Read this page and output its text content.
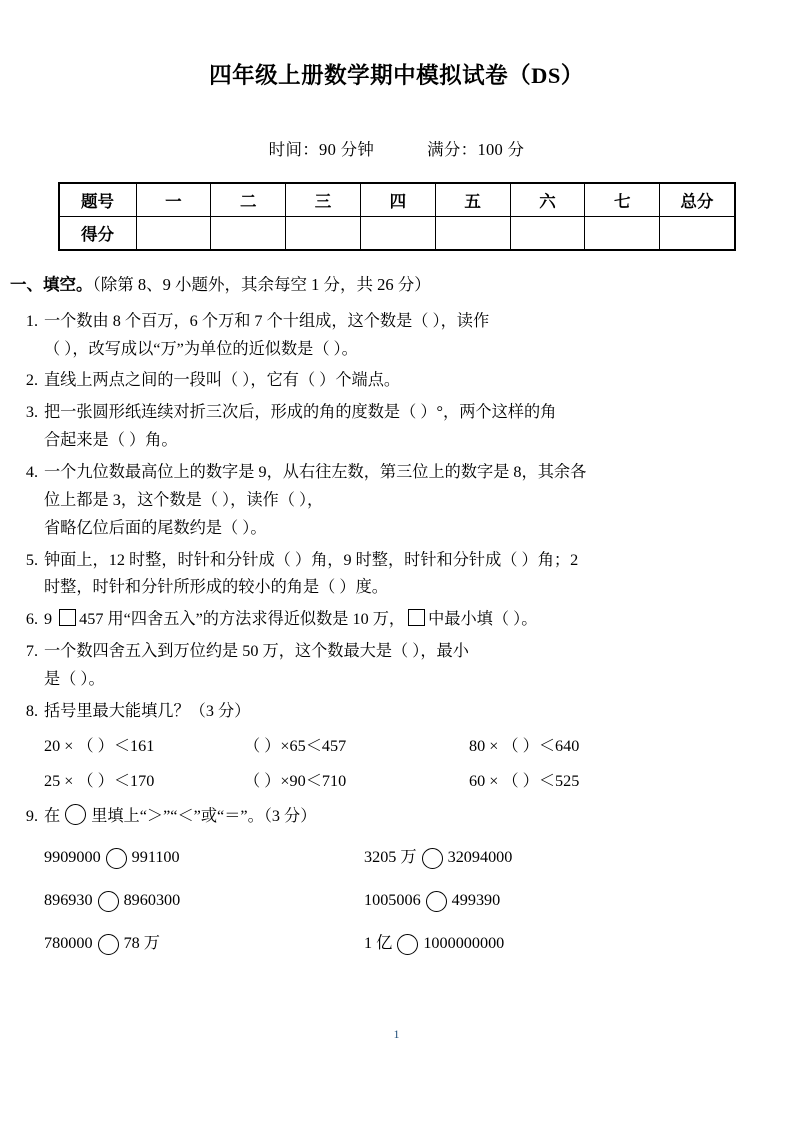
四年级上册数学期中模拟试卷（DS）
时间：90 分钟	满分：100 分
题号	一	二	三	四	五	六	七	总分
得分								
一、填空。（除第 8、9 小题外，其余每空 1 分，共 26 分）
1. 一个数由 8 个百万，6 个万和 7 个十组成，这个数是（ ），读作
（ ），改写成以“万”为单位的近似数是（ ）。
2. 直线上两点之间的一段叫（ ），它有（ ）个端点。
3. 把一张圆形纸连续对折三次后，形成的角的度数是（ ）°，两个这样的角
合起来是（ ）角。
4. 一个九位数最高位上的数字是 9，从右往左数，第三位上的数字是 8，其余各
位上都是 3，这个数是（ ），读作（ ），
省略亿位后面的尾数约是（ ）。
5. 钟面上，12 时整，时针和分针成（ ）角，9 时整，时针和分针成（ ）角；2
时整，时针和分针所形成的较小的角是（ ）度。
6. 9 457 用“四舍五入”的方法求得近似数是 10 万， 中最小填（ ）。
7. 一个数四舍五入到万位约是 50 万，这个数最大是（ ），最小
是（ ）。
8. 括号里最大能填几？（3 分）
20 × （ ）＜161	（ ）×65＜457	80 × （ ）＜640
25 × （ ）＜170	（ ）×90＜710	60 × （ ）＜525
9. 在 里填上“＞”“＜”或“＝”。（3 分）
9909000 991100	3205 万 32094000
896930 8960300	1005006 499390
780000 78 万	1 亿 1000000000
1
